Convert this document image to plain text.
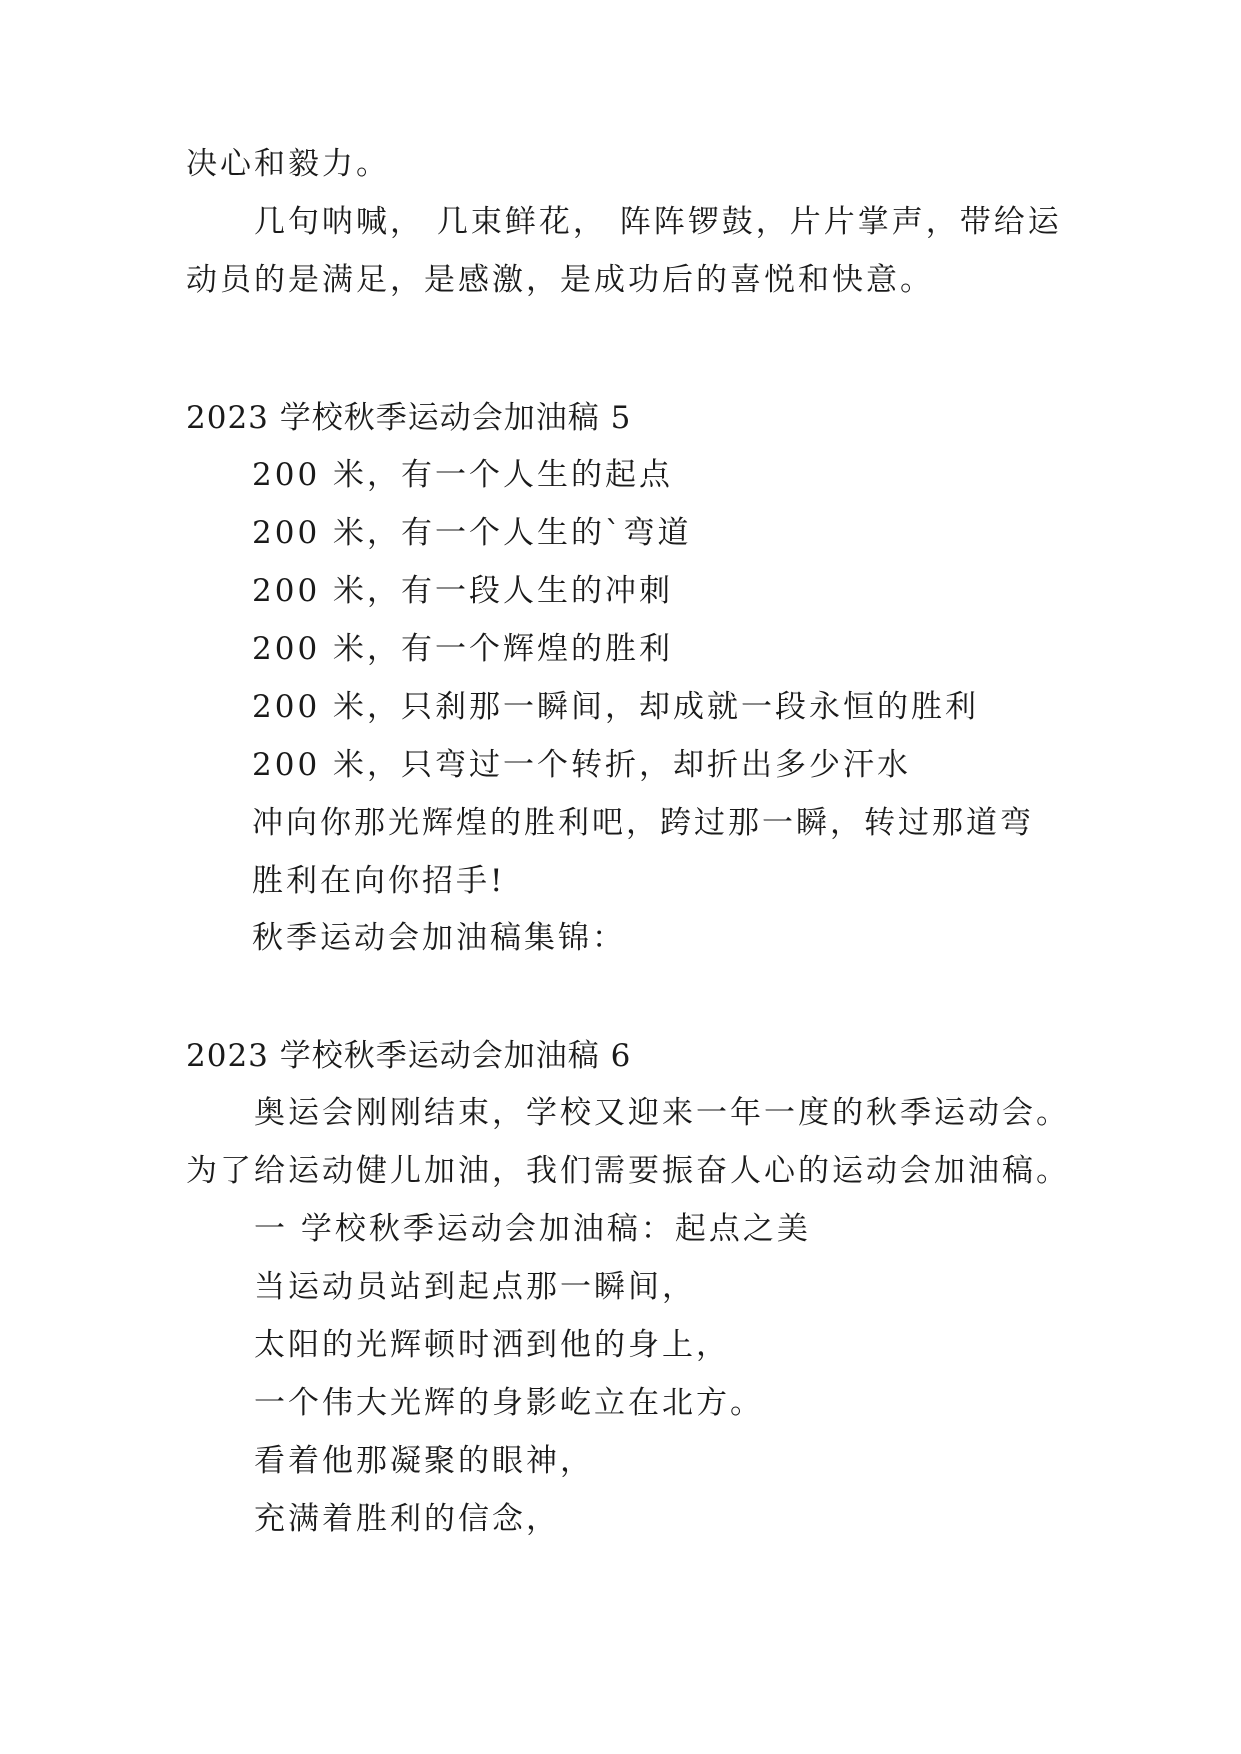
决心和毅力。
几句呐喊， 几束鲜花， 阵阵锣鼓，片片掌声，带给运
动员的是满足，是感激，是成功后的喜悦和快意。
2023 学校秋季运动会加油稿 5
200 米，有一个人生的起点
200 米，有一个人生的`弯道
200 米，有一段人生的冲刺
200 米，有一个辉煌的胜利
200 米，只刹那一瞬间，却成就一段永恒的胜利
200 米，只弯过一个转折，却折出多少汗水
冲向你那光辉煌的胜利吧，跨过那一瞬，转过那道弯
胜利在向你招手!
秋季运动会加油稿集锦：
2023 学校秋季运动会加油稿 6
奥运会刚刚结束，学校又迎来一年一度的秋季运动会。
为了给运动健儿加油，我们需要振奋人心的运动会加油稿。
一 学校秋季运动会加油稿：起点之美
当运动员站到起点那一瞬间，
太阳的光辉顿时洒到他的身上，
一个伟大光辉的身影屹立在北方。
看着他那凝聚的眼神，
充满着胜利的信念，
